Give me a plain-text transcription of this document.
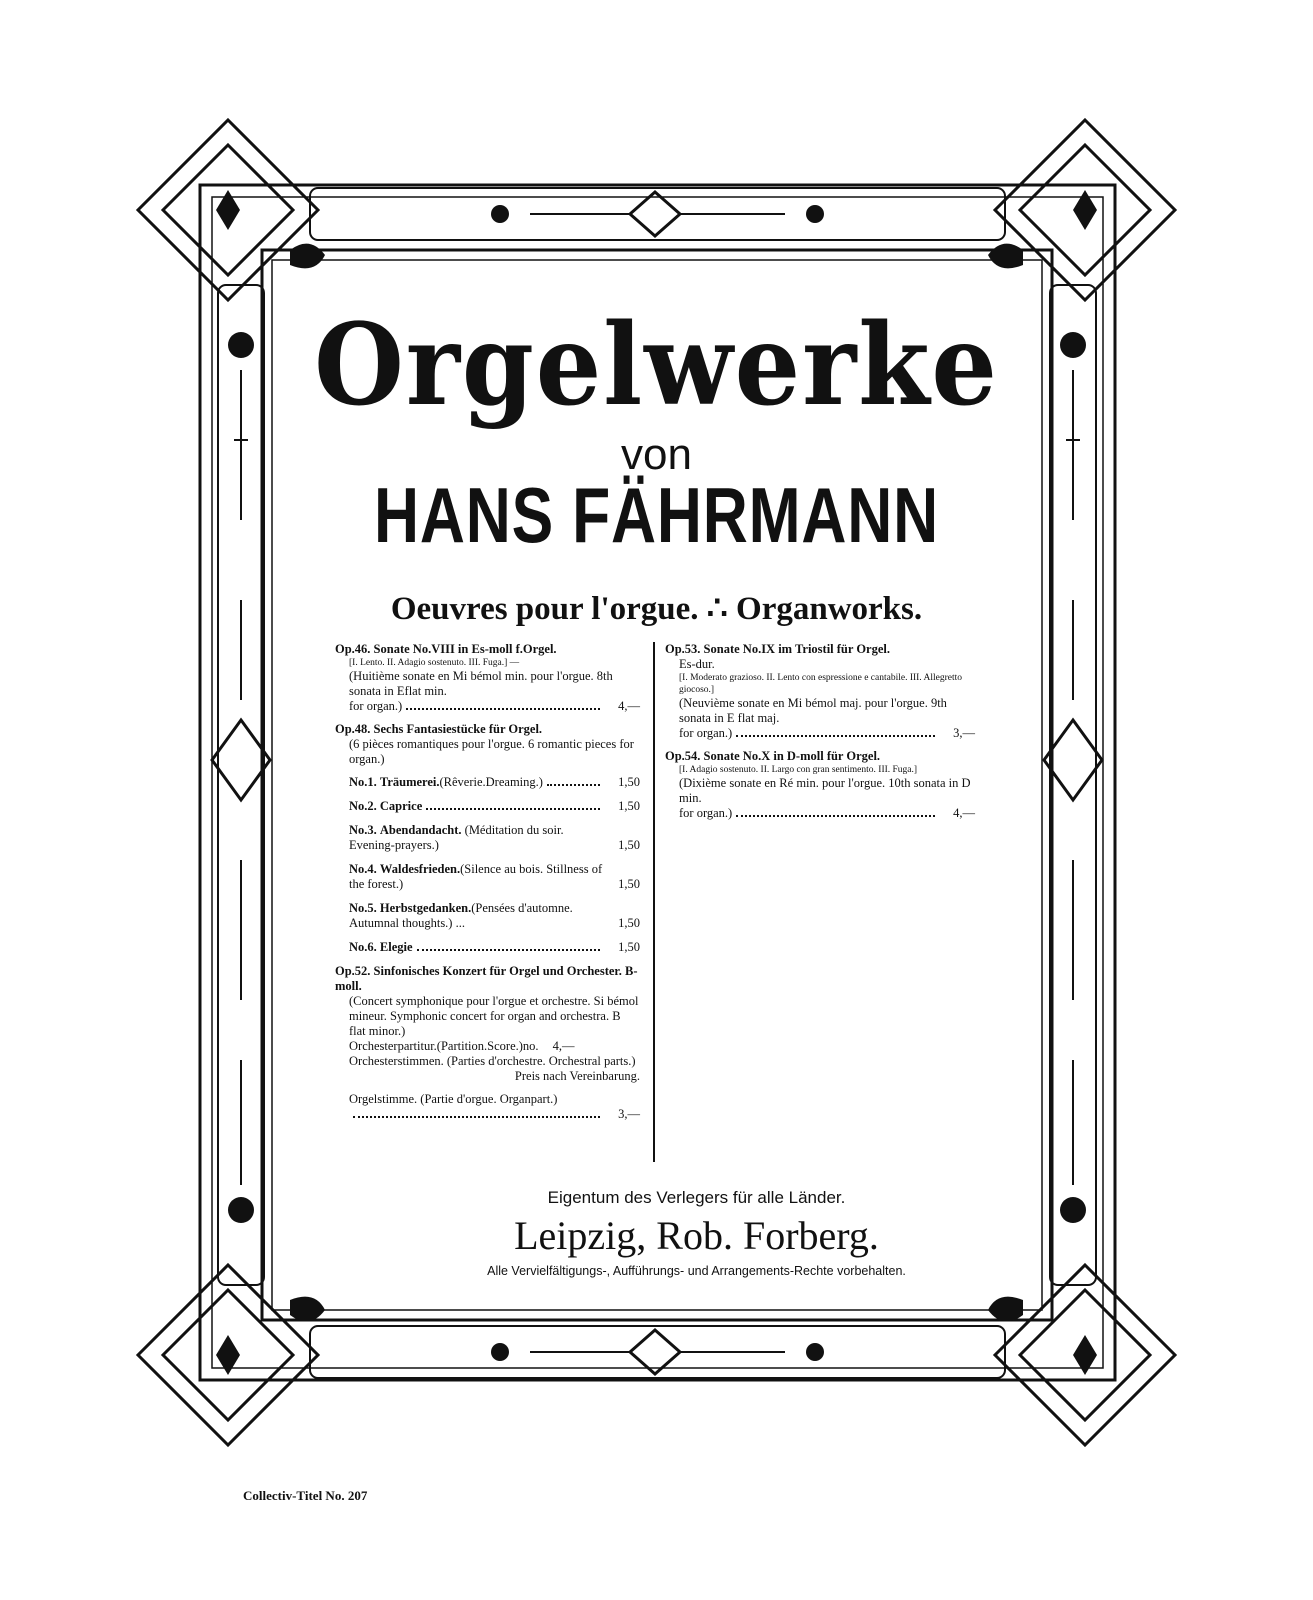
Orgelwerke
von
HANS FÄHRMANN
Oeuvres pour l'orgue. ∴ Organworks.
Op.46. Sonate No.VIII in Es-moll f.Orgel.
[I. Lento. II. Adagio sostenuto. III. Fuga.] —
(Huitième sonate en Mi bémol min. pour l'orgue. 8th sonata in Eflat min.
for organ.)	4,—
Op.48. Sechs Fantasiestücke für Orgel.
(6 pièces romantiques pour l'orgue. 6 romantic pieces for organ.)
No.1. Träumerei.(Rêverie.Dreaming.)	1,50
No.2. Caprice	1,50
No.3. Abendandacht. (Méditation du soir. Evening-prayers.)	1,50
No.4. Waldesfrieden.(Silence au bois. Stillness of the forest.)	1,50
No.5. Herbstgedanken.(Pensées d'automne. Autumnal thoughts.) ...	1,50
No.6. Elegie	1,50
Op.52. Sinfonisches Konzert für Orgel und Orchester. B-moll.
(Concert symphonique pour l'orgue et orchestre. Si bémol mineur. Symphonic concert for organ and orchestra. B flat minor.)
Orchesterpartitur.(Partition.Score.)no.	4,—
Orchesterstimmen. (Parties d'orchestre. Orchestral parts.)
Preis nach Vereinbarung.
Orgelstimme. (Partie d'orgue. Organpart.)
3,—
Op.53. Sonate No.IX im Triostil für Orgel.
Es-dur.
[I. Moderato grazioso. II. Lento con espressione e cantabile. III. Allegretto giocoso.]
(Neuvième sonate en Mi bémol maj. pour l'orgue. 9th sonata in E flat maj.
for organ.)	3,—
Op.54. Sonate No.X in D-moll für Orgel.
[I. Adagio sostenuto. II. Largo con gran sentimento. III. Fuga.]
(Dixième sonate en Ré min. pour l'orgue. 10th sonata in D min.
for organ.)	4,—
Eigentum des Verlegers für alle Länder.
Leipzig, Rob. Forberg.
Alle Vervielfältigungs-, Aufführungs- und Arrangements-Rechte vorbehalten.
Collectiv-Titel No. 207
